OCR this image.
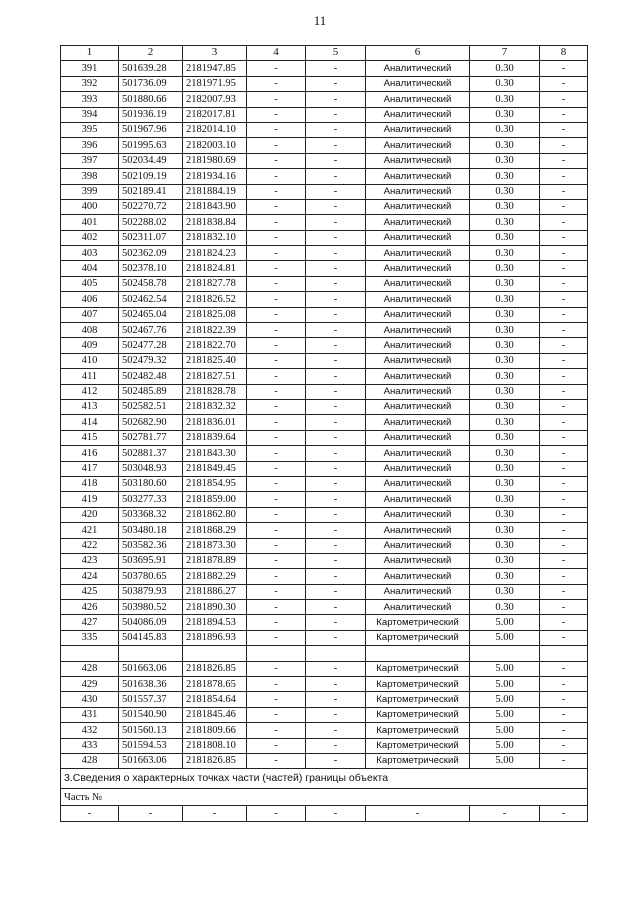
11
1	2	3	4	5	6	7	8
391	501639.28	2181947.85	-	-	Аналитический	0.30	-
392	501736.09	2181971.95	-	-	Аналитический	0.30	-
393	501880.66	2182007.93	-	-	Аналитический	0.30	-
394	501936.19	2182017.81	-	-	Аналитический	0.30	-
395	501967.96	2182014.10	-	-	Аналитический	0.30	-
396	501995.63	2182003.10	-	-	Аналитический	0.30	-
397	502034.49	2181980.69	-	-	Аналитический	0.30	-
398	502109.19	2181934.16	-	-	Аналитический	0.30	-
399	502189.41	2181884.19	-	-	Аналитический	0.30	-
400	502270.72	2181843.90	-	-	Аналитический	0.30	-
401	502288.02	2181838.84	-	-	Аналитический	0.30	-
402	502311.07	2181832.10	-	-	Аналитический	0.30	-
403	502362.09	2181824.23	-	-	Аналитический	0.30	-
404	502378.10	2181824.81	-	-	Аналитический	0.30	-
405	502458.78	2181827.78	-	-	Аналитический	0.30	-
406	502462.54	2181826.52	-	-	Аналитический	0.30	-
407	502465.04	2181825.08	-	-	Аналитический	0.30	-
408	502467.76	2181822.39	-	-	Аналитический	0.30	-
409	502477.28	2181822.70	-	-	Аналитический	0.30	-
410	502479.32	2181825.40	-	-	Аналитический	0.30	-
411	502482.48	2181827.51	-	-	Аналитический	0.30	-
412	502485.89	2181828.78	-	-	Аналитический	0.30	-
413	502582.51	2181832.32	-	-	Аналитический	0.30	-
414	502682.90	2181836.01	-	-	Аналитический	0.30	-
415	502781.77	2181839.64	-	-	Аналитический	0.30	-
416	502881.37	2181843.30	-	-	Аналитический	0.30	-
417	503048.93	2181849.45	-	-	Аналитический	0.30	-
418	503180.60	2181854.95	-	-	Аналитический	0.30	-
419	503277.33	2181859.00	-	-	Аналитический	0.30	-
420	503368.32	2181862.80	-	-	Аналитический	0.30	-
421	503480.18	2181868.29	-	-	Аналитический	0.30	-
422	503582.36	2181873.30	-	-	Аналитический	0.30	-
423	503695.91	2181878.89	-	-	Аналитический	0.30	-
424	503780.65	2181882.29	-	-	Аналитический	0.30	-
425	503879.93	2181886.27	-	-	Аналитический	0.30	-
426	503980.52	2181890.30	-	-	Аналитический	0.30	-
427	504086.09	2181894.53	-	-	Картометрический	5.00	-
335	504145.83	2181896.93	-	-	Картометрический	5.00	-

428	501663.06	2181826.85	-	-	Картометрический	5.00	-
429	501638.36	2181878.65	-	-	Картометрический	5.00	-
430	501557.37	2181854.64	-	-	Картометрический	5.00	-
431	501540.90	2181845.46	-	-	Картометрический	5.00	-
432	501560.13	2181809.66	-	-	Картометрический	5.00	-
433	501594.53	2181808.10	-	-	Картометрический	5.00	-
428	501663.06	2181826.85	-	-	Картометрический	5.00	-
3.Сведения о характерных точках части (частей) границы объекта							
Часть №							
-	-	-	-	-	-	-	-
